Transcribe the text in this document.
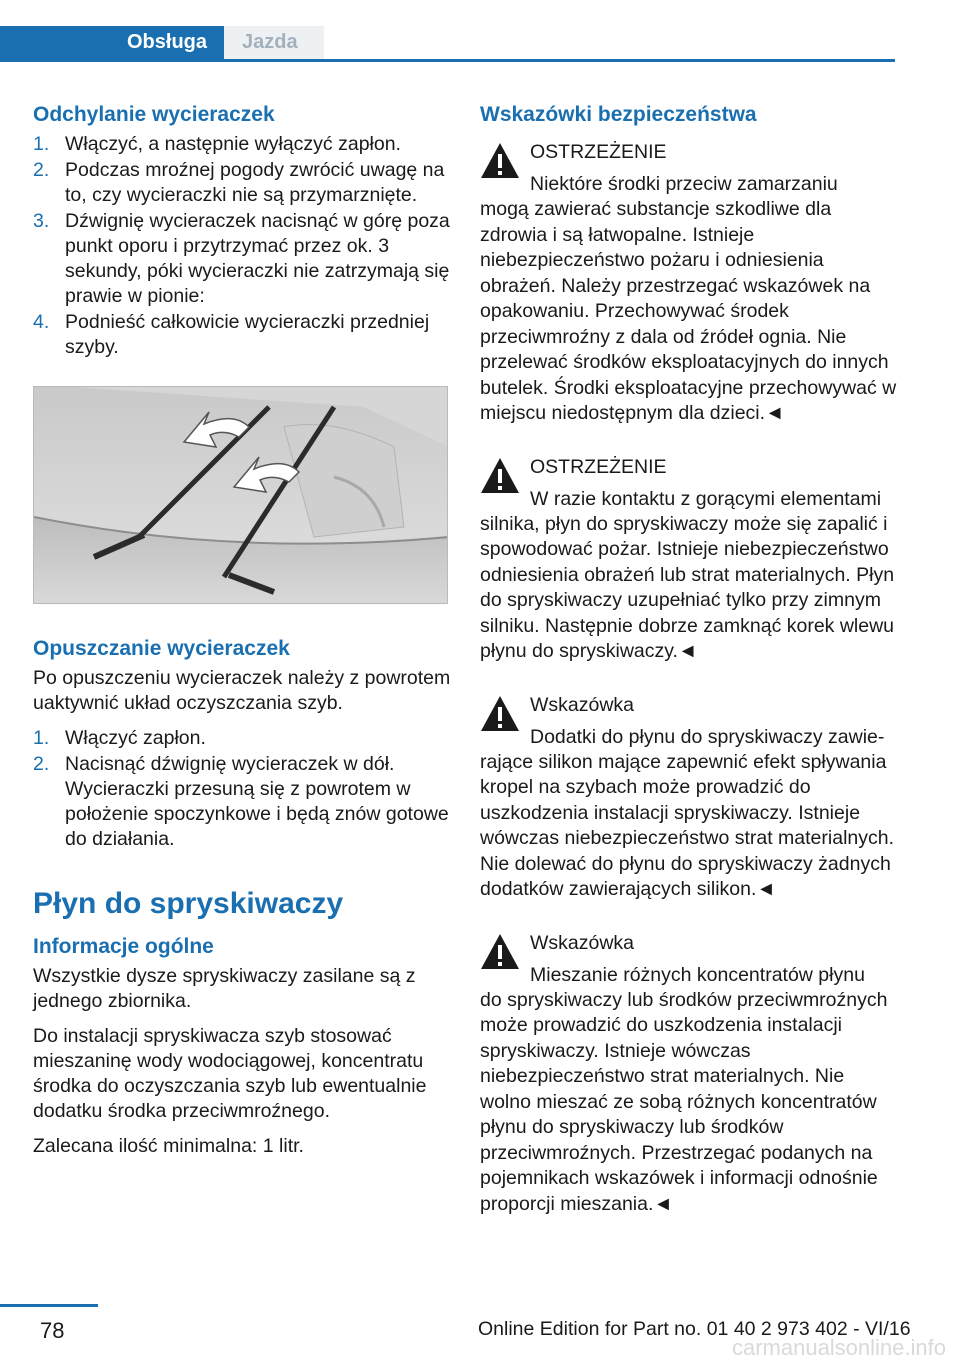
Obsługa	Jazda
Odchylanie wycieraczek
1. Włączyć, a następnie wyłączyć zapłon.
2. Podczas mroźnej pogody zwrócić uwagę na to, czy wycieraczki nie są przymarznięte.
3. Dźwignię wycieraczek nacisnąć w górę poza punkt oporu i przytrzymać przez ok. 3 sekundy, póki wycieraczki nie zatrzymają się prawie w pionie:
4. Podnieść całkowicie wycieraczki przedniej szyby.
Opuszczanie wycieraczek

Po opuszczeniu wycieraczek należy z powrotem uaktywnić układ oczyszczania szyb.

1. Włączyć zapłon.
2. Nacisnąć dźwignię wycieraczek w dół. Wycieraczki przesuną się z powrotem w położenie spoczynkowe i będą znów gotowe do działania.
Płyn do spryskiwaczy
Informacje ogólne

Wszystkie dysze spryskiwaczy zasilane są z jednego zbiornika.

Do instalacji spryskiwacza szyb stosować mieszaninę wody wodociągowej, koncentratu środka do oczyszczania szyb lub ewentualnie dodatku środka przeciwmroźnego.

Zalecana ilość minimalna: 1 litr.

Wskazówki bezpieczeństwa
OSTRZEŻENIE
Niektóre środki przeciw zamarzaniu
mogą zawierać substancje szkodliwe dla zdrowia i są łatwopalne. Istnieje niebezpieczeństwo pożaru i odniesienia obrażeń. Należy przestrzegać wskazówek na opakowaniu. Przechowywać środek przeciwmroźny z dala od źródeł ognia. Nie przelewać środków eksploatacyjnych do innych butelek. Środki eksploatacyjne przechowywać w miejscu niedostępnym dla dzieci.◄
OSTRZEŻENIE
W razie kontaktu z gorącymi elementami
silnika, płyn do spryskiwaczy może się zapalić i spowodować pożar. Istnieje niebezpieczeństwo odniesienia obrażeń lub strat materialnych. Płyn do spryskiwaczy uzupełniać tylko przy zimnym silniku. Następnie dobrze zamknąć korek wlewu płynu do spryskiwaczy.◄
Wskazówka
Dodatki do płynu do spryskiwaczy zawie-
rające silikon mające zapewnić efekt spływania kropel na szybach może prowadzić do uszkodzenia instalacji spryskiwaczy. Istnieje wówczas niebezpieczeństwo strat materialnych. Nie dolewać do płynu do spryskiwaczy żadnych dodatków zawierających silikon.◄
Wskazówka
Mieszanie różnych koncentratów płynu
do spryskiwaczy lub środków przeciwmroźnych może prowadzić do uszkodzenia instalacji spryskiwaczy. Istnieje wówczas niebezpieczeństwo strat materialnych. Nie wolno mieszać ze sobą różnych koncentratów płynu do spryskiwaczy lub środków przeciwmroźnych. Przestrzegać podanych na pojemnikach wskazówek i informacji odnośnie proporcji mieszania.◄
78	Online Edition for Part no. 01 40 2 973 402 - VI/16
carmanualsonline.info
